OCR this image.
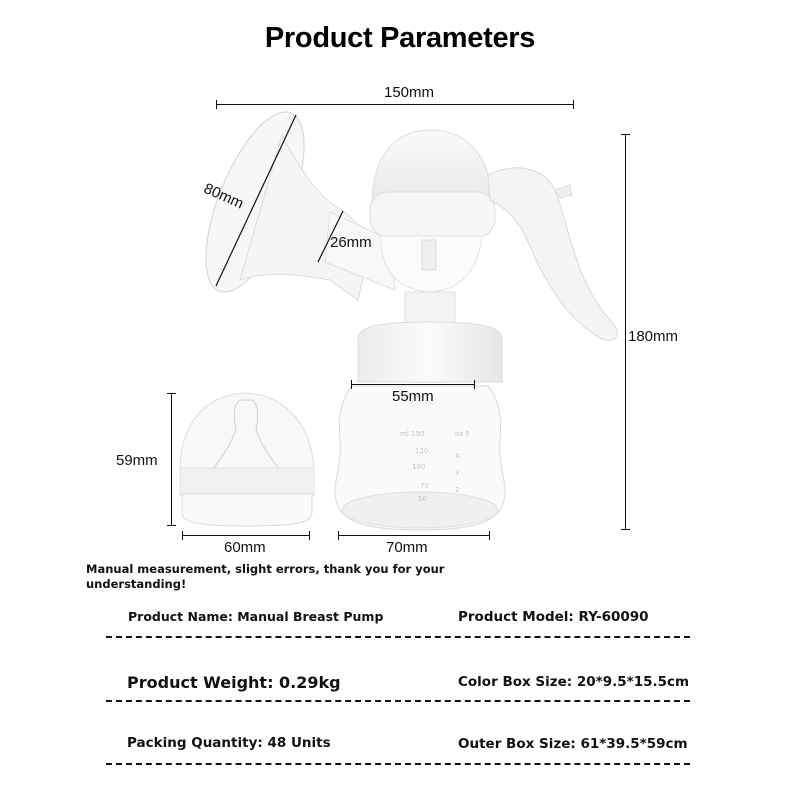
Product Parameters
ml 150
120
100
70
50
oz 5
4
3
2
150mm
80mm
26mm
180mm
55mm
59mm
60mm	70mm
Manual measurement, slight errors, thank you for your understanding!
Product Name: Manual Breast Pump	Product Model: RY-60090
Product Weight: 0.29kg	Color Box Size: 20*9.5*15.5cm
Packing Quantity: 48 Units	Outer Box Size: 61*39.5*59cm
